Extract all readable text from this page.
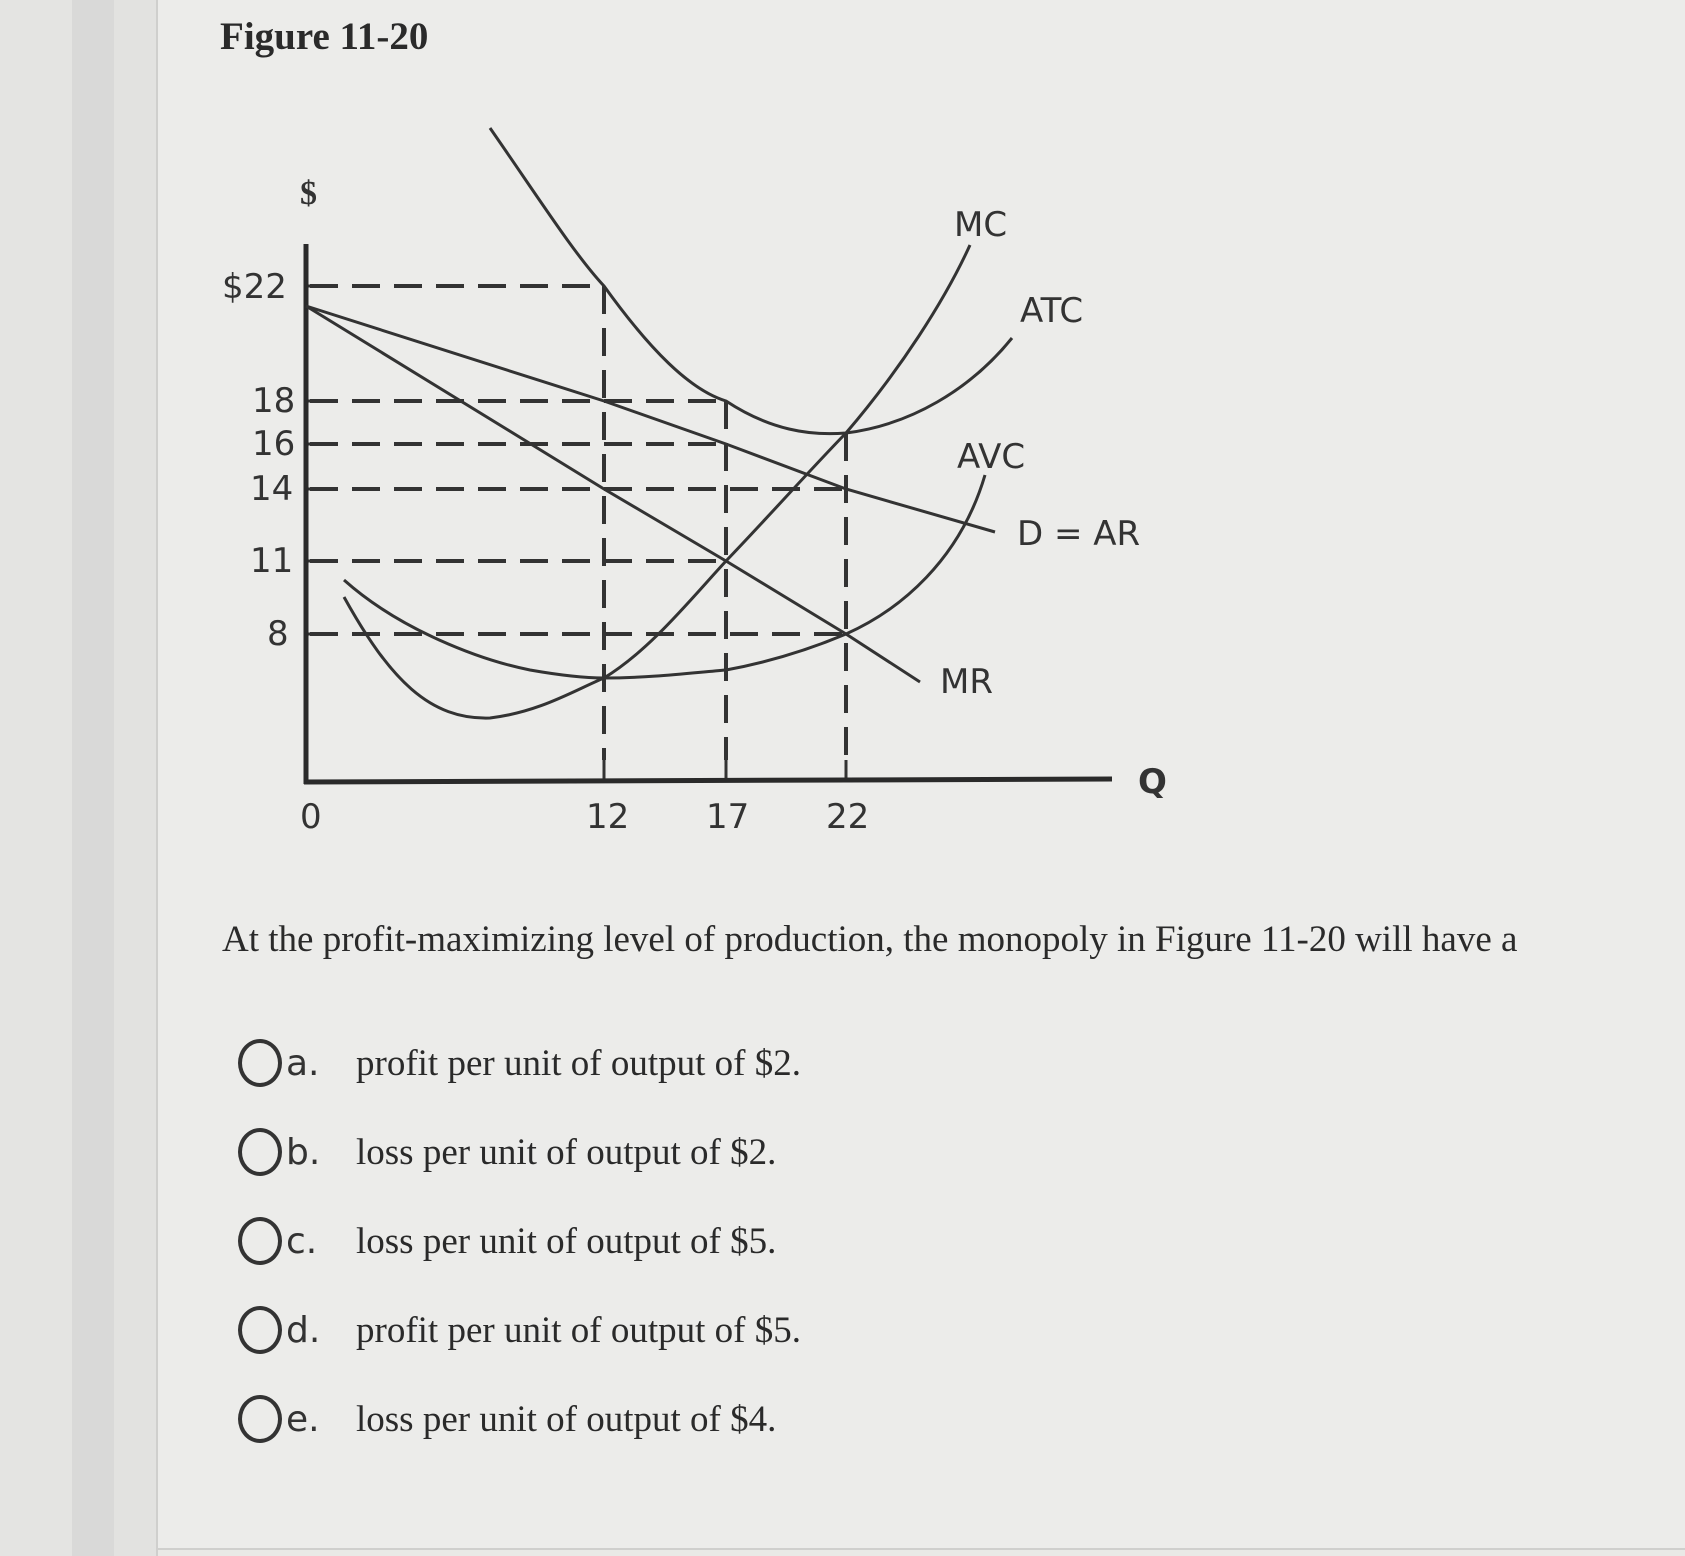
Figure 11-20
$
$22
18
16
14
11
8
0	12 17 22
Q
MC
ATC
AVC
D = AR
MR
At the profit-maximizing level of production, the monopoly in Figure 11-20 will have a
a. profit per unit of output of $2.
b. loss per unit of output of $2.
c.	loss per unit of output of $5.
d. profit per unit of output of $5.
e. loss per unit of output of $4.
